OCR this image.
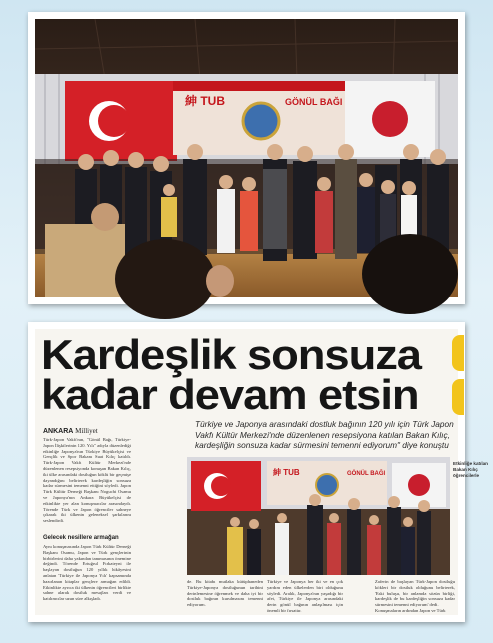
紳 TUB	GÖNÜL BAĞI
Kardeşlik sonsuza
kadar devam etsin
ANKARA Milliyet
Türkiye ve Japonya arasındaki dostluk bağının 120 yılı için Türk Japon Vakfı Kültür Merkezi'nde düzenlenen resepsiyona katılan Bakan Kılıç, kardeşliğin sonsuza kadar sürmesini temenni ediyorum" diye konuştu
Türk-Japon Vakfı'nın, "Gönül Bağı, Türkiye-Japon İlişkilerinin 120. Yılı" adıyla düzenlediği etkinliğe Japonya'nın Türkiye Büyükelçisi ve Gençlik ve Spor Bakanı Suat Kılıç katıldı. Türk-Japon Vakfı Kültür Merkezi'nde düzenlenen resepsiyonda konuşan Bakan Kılıç, iki ülke arasındaki dostluğun köklü bir geçmişe dayandığını belirterek kardeşliğin sonsuza kadar sürmesini temenni ettiğini söyledi. Japon Türk Kültür Derneği Başkanı Noguchi Osamu ve Japonya'nın Ankara Büyükelçisi de etkinlikte yer alan konuşmacılar arasındaydı. Törende Türk ve Japon öğrenciler sahneye çıkarak iki ülkenin geleneksel şarkılarını seslendirdi.
Gelecek nesillere armağan
Aynı konuşmasında Japon Türk Kültür Derneği Başkanı Osamu, Japon ve Türk gençlerinin birbirlerini daha yakından tanımasının önemine değindi. Törende Ertuğrul Fırkateyni ile başlayan dostluğun 120 yıllık hikâyesini anlatan 'Türkiye ile Japonya Yılı' kapsamında hazırlanan kitaplar gençlere armağan edildi. Etkinlikte ayrıca iki ülkenin öğrencileri birlikte sahne alarak dostluk mesajları verdi ve katılımcılar uzun süre alkışladı.
紳 TUB	GÖNÜL BAĞI
Etkinliğe katılan Bakan Kılıç öğrencilerle
de. Bu kitabı mutlaka kütüphaneden Türkiye-Japonya dostluğunun tarihini derinlemesine öğrenmek ve daha iyi bir dostluk bağının kurulmasını temenni ediyorum.
Türkiye ve Japonya her iki ve en çok yardım eden ülkelerden biri olduğunu söyledi. Aralık, Japonya'nın yaşadığı bir afet, Türkiye ile Japonya arasındaki derin gönül bağının anlaşılması için önemli bir fırsattır.
Zaferin de başlayan Türk-Japon dostluğu kökleri bir dostluk olduğunu belirterek, 'Eski buluşu, bir anlamda sözün birliği, kardeşlik de bu kardeşliğin sonsuza kadar sürmesini temenni ediyorum' dedi.
Konuşmaların ardından Japon ve Türk
